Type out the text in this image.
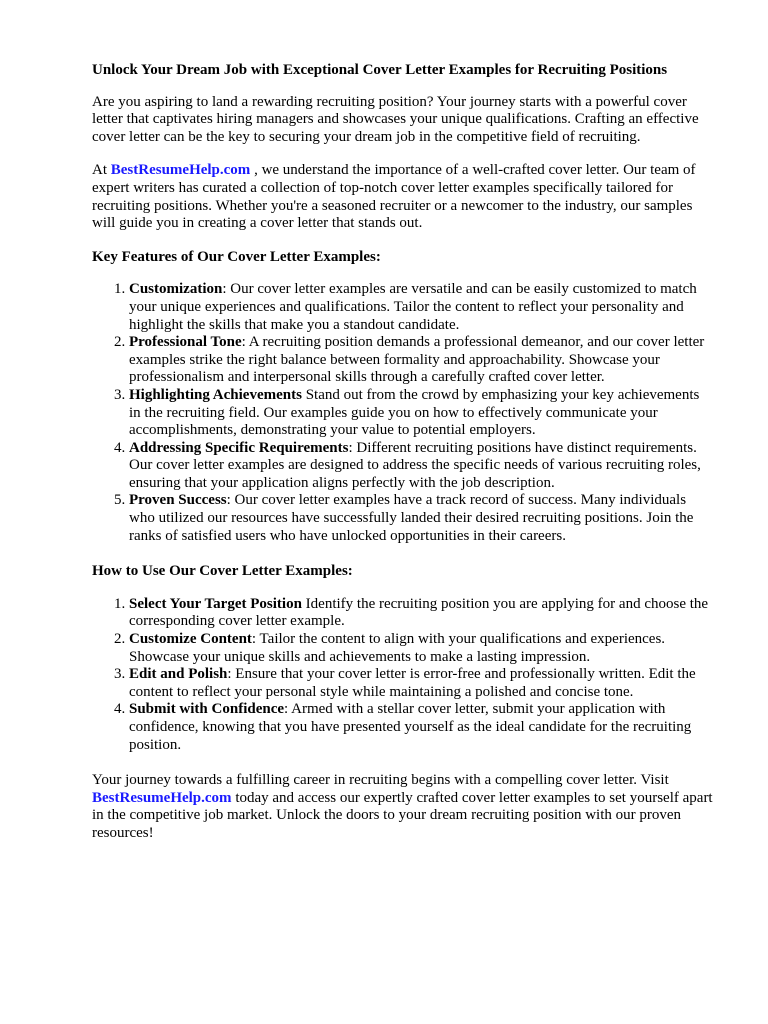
Unlock Your Dream Job with Exceptional Cover Letter Examples for Recruiting Positions

Are you aspiring to land a rewarding recruiting position? Your journey starts with a powerful cover letter that captivates hiring managers and showcases your unique qualifications. Crafting an effective cover letter can be the key to securing your dream job in the competitive field of recruiting.

At BestResumeHelp.com , we understand the importance of a well-crafted cover letter. Our team of expert writers has curated a collection of top-notch cover letter examples specifically tailored for recruiting positions. Whether you're a seasoned recruiter or a newcomer to the industry, our samples will guide you in creating a cover letter that stands out.

Key Features of Our Cover Letter Examples:
1. Customization: Our cover letter examples are versatile and can be easily customized to match your unique experiences and qualifications. Tailor the content to reflect your personality and highlight the skills that make you a standout candidate.
2. Professional Tone: A recruiting position demands a professional demeanor, and our cover letter examples strike the right balance between formality and approachability. Showcase your professionalism and interpersonal skills through a carefully crafted cover letter.
3. Highlighting Achievements Stand out from the crowd by emphasizing your key achievements in the recruiting field. Our examples guide you on how to effectively communicate your accomplishments, demonstrating your value to potential employers.
4. Addressing Specific Requirements: Different recruiting positions have distinct requirements. Our cover letter examples are designed to address the specific needs of various recruiting roles, ensuring that your application aligns perfectly with the job description.
5. Proven Success: Our cover letter examples have a track record of success. Many individuals who utilized our resources have successfully landed their desired recruiting positions. Join the ranks of satisfied users who have unlocked opportunities in their careers.
How to Use Our Cover Letter Examples:
1. Select Your Target Position Identify the recruiting position you are applying for and choose the corresponding cover letter example.
2. Customize Content: Tailor the content to align with your qualifications and experiences. Showcase your unique skills and achievements to make a lasting impression.
3. Edit and Polish: Ensure that your cover letter is error-free and professionally written. Edit the content to reflect your personal style while maintaining a polished and concise tone.
4. Submit with Confidence: Armed with a stellar cover letter, submit your application with confidence, knowing that you have presented yourself as the ideal candidate for the recruiting position.

Your journey towards a fulfilling career in recruiting begins with a compelling cover letter. Visit BestResumeHelp.com today and access our expertly crafted cover letter examples to set yourself apart in the competitive job market. Unlock the doors to your dream recruiting position with our proven resources!
